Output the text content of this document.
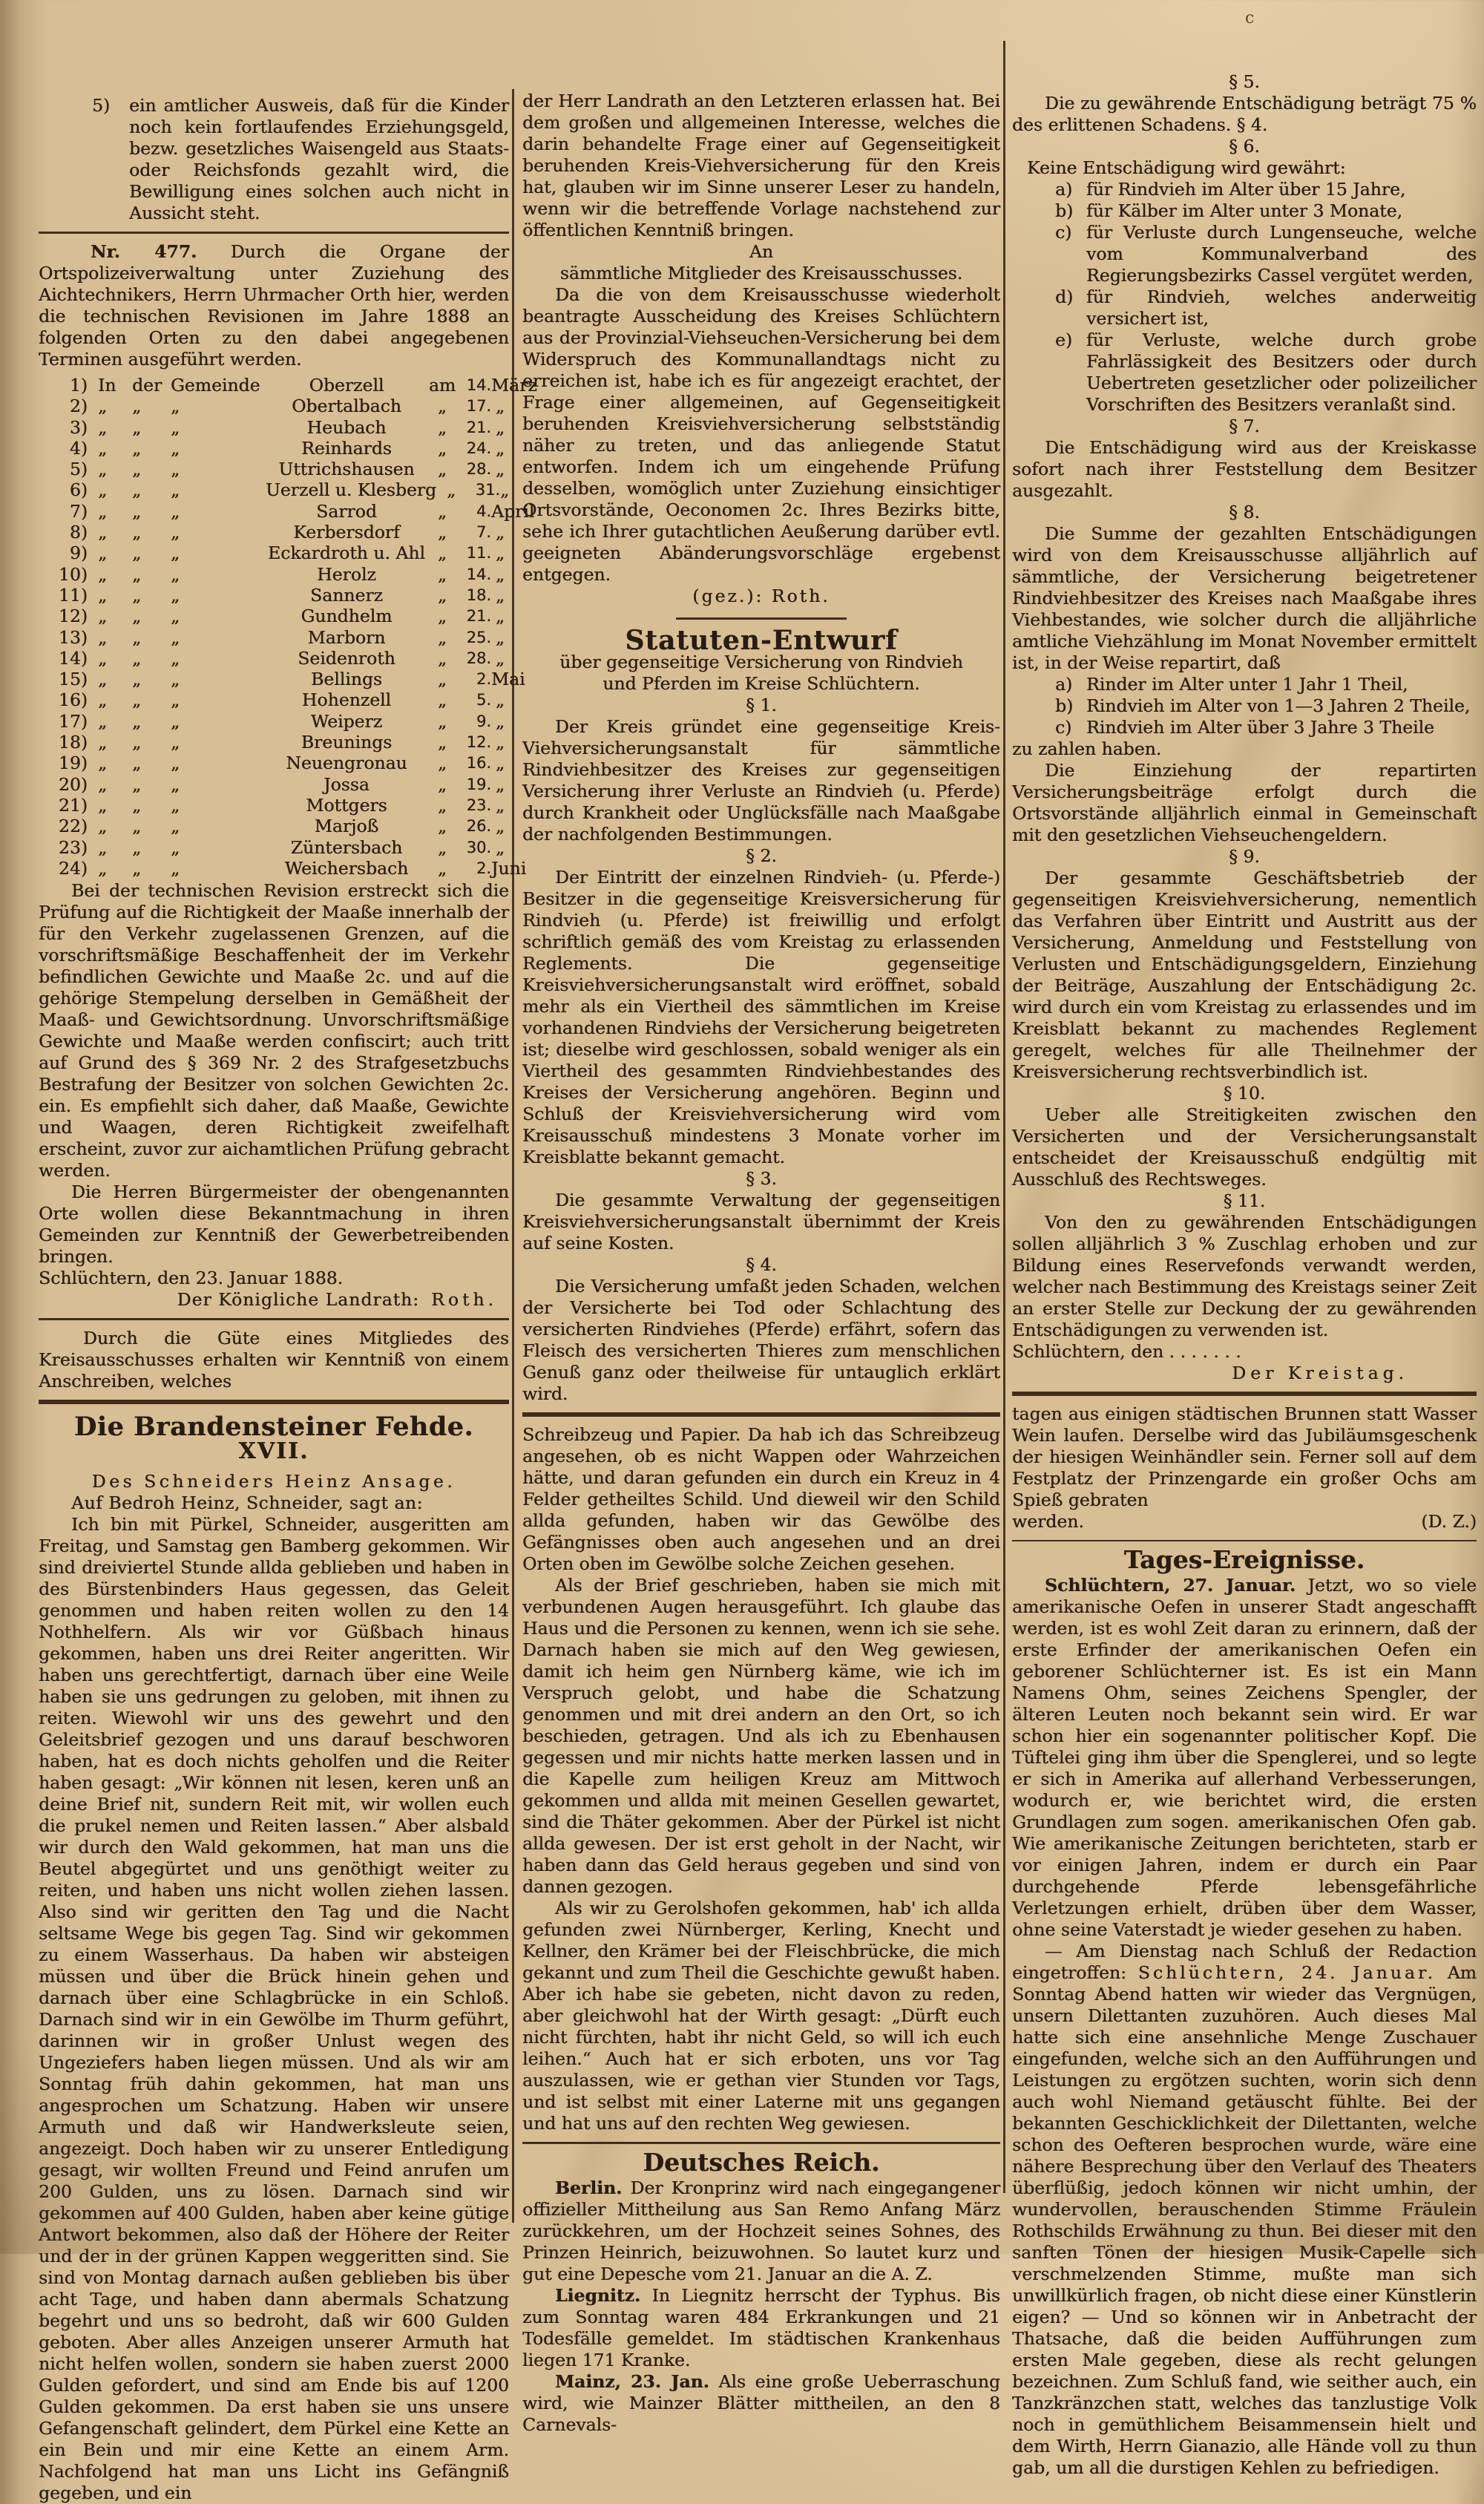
c
5)	ein amtlicher Ausweis, daß für die Kinder noch kein fortlaufendes Erziehungsgeld, bezw. gesetzliches Waisengeld aus Staats- oder Reichsfonds gezahlt wird, die Bewilligung eines solchen auch nicht in Aussicht steht.

Nr. 477. Durch die Organe der Ortspolizeiverwaltung unter Zuziehung des Aichtechnikers, Herrn Uhrmacher Orth hier, werden die technischen Revisionen im Jahre 1888 an folgenden Orten zu den dabei angegebenen Terminen ausgeführt werden.

1) In der Gemeinde	Oberzell	am 14. März
2) „	„	„	Obertalbach	„	17. „
3) „	„	„	Heubach	„	21. „
4) „	„	„	Reinhards	„	24. „
5) „	„	„	Uttrichshausen	„	28. „
6) „	„	„	Uerzell u. Klesberg „	31. „
7) „	„	„	Sarrod	„	4. April
8) „	„	„	Kerbersdorf	„	7. „
9) „	„	„	Eckardroth u. Ahl „	11. „
10) „	„	„	Herolz	„	14. „
11) „	„	„	Sannerz	„	18. „
12) „	„	„	Gundhelm	„	21. „
13) „	„	„	Marborn	„	25. „
14) „	„	„	Seidenroth	„	28. „
15) „	„	„	Bellings	„	2. Mai
16) „	„	„	Hohenzell	„	5. „
17) „	„	„	Weiperz	„	9. „
18) „	„	„	Breunings	„	12. „
19) „	„	„	Neuengronau	„	16. „
20) „	„	„	Jossa	„	19. „
21) „	„	„	Mottgers	„	23. „
22) „	„	„	Marjoß	„	26. „
23) „	„	„	Züntersbach	„	30. „
24) „	„	„	Weichersbach	„	2. Juni

Bei der technischen Revision erstreckt sich die Prüfung auf die Richtigkeit der Maaße innerhalb der für den Verkehr zugelassenen Grenzen, auf die vorschriftsmäßige Beschaffenheit der im Verkehr befindlichen Gewichte und Maaße 2c. und auf die gehörige Stempelung derselben in Gemäßheit der Maaß- und Gewichtsordnung. Unvorschriftsmäßige Gewichte und Maaße werden confiscirt; auch tritt auf Grund des § 369 Nr. 2 des Strafgesetzbuchs Bestrafung der Besitzer von solchen Gewichten 2c. ein. Es empfiehlt sich daher, daß Maaße, Gewichte und Waagen, deren Richtigkeit zweifelhaft erscheint, zuvor zur aichamtlichen Prüfung gebracht werden.

Die Herren Bürgermeister der obengenannten Orte wollen diese Bekanntmachung in ihren Gemeinden zur Kenntniß der Gewerbetreibenden bringen.

Schlüchtern, den 23. Januar 1888.

Der Königliche Landrath: Roth.

Durch die Güte eines Mitgliedes des Kreisausschusses erhalten wir Kenntniß von einem Anschreiben, welches

Die Brandensteiner Fehde.
XVII.
Des Schneiders Heinz Ansage.

Auf Bedroh Heinz, Schneider, sagt an:

Ich bin mit Pürkel, Schneider, ausgeritten am Freitag, und Samstag gen Bamberg gekommen. Wir sind dreiviertel Stunde allda geblieben und haben in des Bürstenbinders Haus gegessen, das Geleit genommen und haben reiten wollen zu den 14 Nothhelfern. Als wir vor Güßbach hinaus gekommen, haben uns drei Reiter angeritten. Wir haben uns gerechtfertigt, darnach über eine Weile haben sie uns gedrungen zu geloben, mit ihnen zu reiten. Wiewohl wir uns des gewehrt und den Geleitsbrief gezogen und uns darauf beschworen haben, hat es doch nichts geholfen und die Reiter haben gesagt: „Wir können nit lesen, keren unß an deine Brief nit, sundern Reit mit, wir wollen euch die prukel nemen und Reiten lassen.“ Aber alsbald wir durch den Wald gekommen, hat man uns die Beutel abgegürtet und uns genöthigt weiter zu reiten, und haben uns nicht wollen ziehen lassen. Also sind wir geritten den Tag und die Nacht seltsame Wege bis gegen Tag. Sind wir gekommen zu einem Wasserhaus. Da haben wir absteigen müssen und über die Brück hinein gehen und darnach über eine Schlagbrücke in ein Schloß. Darnach sind wir in ein Gewölbe im Thurm geführt, darinnen wir in großer Unlust wegen des Ungeziefers haben liegen müssen. Und als wir am Sonntag früh dahin gekommen, hat man uns angesprochen um Schatzung. Haben wir unsere Armuth und daß wir Handwerksleute seien, angezeigt. Doch haben wir zu unserer Entledigung gesagt, wir wollten Freund und Feind anrufen um 200 Gulden, uns zu lösen. Darnach sind wir gekommen auf 400 Gulden, haben aber keine gütige Antwort bekommen, also daß der Höhere der Reiter und der in der grünen Kappen weggeritten sind. Sie sind von Montag darnach außen geblieben bis über acht Tage, und haben dann abermals Schatzung begehrt und uns so bedroht, daß wir 600 Gulden geboten. Aber alles Anzeigen unserer Armuth hat nicht helfen wollen, sondern sie haben zuerst 2000 Gulden gefordert, und sind am Ende bis auf 1200 Gulden gekommen. Da erst haben sie uns unsere Gefangenschaft gelindert, dem Pürkel eine Kette an ein Bein und mir eine Kette an einem Arm. Nachfolgend hat man uns Licht ins Gefängniß gegeben, und ein

der Herr Landrath an den Letzteren erlassen hat. Bei dem großen und allgemeinen Interesse, welches die darin behandelte Frage einer auf Gegenseitigkeit beruhenden Kreis-Viehversicherung für den Kreis hat, glauben wir im Sinne unserer Leser zu handeln, wenn wir die betreffende Vorlage nachstehend zur öffentlichen Kenntniß bringen.

An

sämmtliche Mitglieder des Kreisausschusses.

Da die von dem Kreisausschusse wiederholt beantragte Ausscheidung des Kreises Schlüchtern aus der Provinzial-Viehseuchen-Versicherung bei dem Widerspruch des Kommunallandtags nicht zu erreichen ist, habe ich es für angezeigt erachtet, der Frage einer allgemeinen, auf Gegenseitigkeit beruhenden Kreisviehversicherung selbstständig näher zu treten, und das anliegende Statut entworfen. Indem ich um eingehende Prüfung desselben, womöglich unter Zuziehung einsichtiger Ortsvorstände, Oeconomen 2c. Ihres Bezirks bitte, sehe ich Ihrer gutachtlichen Aeußerung darüber evtl. geeigneten Abänderungsvorschläge ergebenst entgegen.

(gez.): Roth.

Statuten-Entwurf

über gegenseitige Versicherung von Rindvieh und Pferden im Kreise Schlüchtern.

§ 1.

Der Kreis gründet eine gegenseitige Kreis-Viehversicherungsanstalt für sämmtliche Rindviehbesitzer des Kreises zur gegenseitigen Versicherung ihrer Verluste an Rindvieh (u. Pferde) durch Krankheit oder Unglücksfälle nach Maaßgabe der nachfolgenden Bestimmungen.

§ 2.

Der Eintritt der einzelnen Rindvieh- (u. Pferde-) Besitzer in die gegenseitige Kreisversicherung für Rindvieh (u. Pferde) ist freiwillig und erfolgt schriftlich gemäß des vom Kreistag zu erlassenden Reglements. Die gegenseitige Kreisviehversicherungsanstalt wird eröffnet, sobald mehr als ein Viertheil des sämmtlichen im Kreise vorhandenen Rindviehs der Versicherung beigetreten ist; dieselbe wird geschlossen, sobald weniger als ein Viertheil des gesammten Rindviehbestandes des Kreises der Versicherung angehören. Beginn und Schluß der Kreisviehversicherung wird vom Kreisausschuß mindestens 3 Monate vorher im Kreisblatte bekannt gemacht.

§ 3.

Die gesammte Verwaltung der gegenseitigen Kreisviehversicherungsanstalt übernimmt der Kreis auf seine Kosten.

§ 4.

Die Versicherung umfaßt jeden Schaden, welchen der Versicherte bei Tod oder Schlachtung des versicherten Rindviehes (Pferde) erfährt, sofern das Fleisch des versicherten Thieres zum menschlichen Genuß ganz oder theilweise für untauglich erklärt wird.

Schreibzeug und Papier. Da hab ich das Schreibzeug angesehen, ob es nicht Wappen oder Wahrzeichen hätte, und daran gefunden ein durch ein Kreuz in 4 Felder getheiltes Schild. Und dieweil wir den Schild allda gefunden, haben wir das Gewölbe des Gefängnisses oben auch angesehen und an drei Orten oben im Gewölbe solche Zeichen gesehen.

Als der Brief geschrieben, haben sie mich mit verbundenen Augen herausgeführt. Ich glaube das Haus und die Personen zu kennen, wenn ich sie sehe. Darnach haben sie mich auf den Weg gewiesen, damit ich heim gen Nürnberg käme, wie ich im Verspruch gelobt, und habe die Schatzung genommen und mit drei andern an den Ort, so ich beschieden, getragen. Und als ich zu Ebenhausen gegessen und mir nichts hatte merken lassen und in die Kapelle zum heiligen Kreuz am Mittwoch gekommen und allda mit meinen Gesellen gewartet, sind die Thäter gekommen. Aber der Pürkel ist nicht allda gewesen. Der ist erst geholt in der Nacht, wir haben dann das Geld heraus gegeben und sind von dannen gezogen.

Als wir zu Gerolshofen gekommen, hab' ich allda gefunden zwei Nürnberger, Kerling, Knecht und Kellner, den Krämer bei der Fleischbrücke, die mich gekannt und zum Theil die Geschichte gewußt haben. Aber ich habe sie gebeten, nicht davon zu reden, aber gleichwohl hat der Wirth gesagt: „Dürft euch nicht fürchten, habt ihr nicht Geld, so will ich euch leihen.“ Auch hat er sich erboten, uns vor Tag auszulassen, wie er gethan vier Stunden vor Tags, und ist selbst mit einer Laterne mit uns gegangen und hat uns auf den rechten Weg gewiesen.

Deutsches Reich.

Berlin. Der Kronprinz wird nach eingegangener offizieller Mittheilung aus San Remo Anfang März zurückkehren, um der Hochzeit seines Sohnes, des Prinzen Heinrich, beizuwohnen. So lautet kurz und gut eine Depesche vom 21. Januar an die A. Z.

Liegnitz. In Liegnitz herrscht der Typhus. Bis zum Sonntag waren 484 Erkrankungen und 21 Todesfälle gemeldet. Im städtischen Krankenhaus liegen 171 Kranke.

Mainz, 23. Jan. Als eine große Ueberraschung wird, wie Mainzer Blätter mittheilen, an den 8 Carnevals-

§ 5.

Die zu gewährende Entschädigung beträgt 75 % des erlittenen Schadens. § 4.

§ 6.

Keine Entschädigung wird gewährt:

a) für Rindvieh im Alter über 15 Jahre,
b) für Kälber im Alter unter 3 Monate,
c) für Verluste durch Lungenseuche, welche vom Kommunalverband des Regierungsbezirks Cassel vergütet werden,
d) für Rindvieh, welches anderweitig versichert ist,
e) für Verluste, welche durch grobe Fahrlässigkeit des Besitzers oder durch Uebertreten gesetzlicher oder polizeilicher Vorschriften des Besitzers veranlaßt sind.

§ 7.

Die Entschädigung wird aus der Kreiskasse sofort nach ihrer Feststellung dem Besitzer ausgezahlt.

§ 8.

Die Summe der gezahlten Entschädigungen wird von dem Kreisausschusse alljährlich auf sämmtliche, der Versicherung beigetretener Rindviehbesitzer des Kreises nach Maaßgabe ihres Viehbestandes, wie solcher durch die alljährliche amtliche Viehzählung im Monat November ermittelt ist, in der Weise repartirt, daß

a) Rinder im Alter unter 1 Jahr 1 Theil,
b) Rindvieh im Alter von 1—3 Jahren 2 Theile,
c) Rindvieh im Alter über 3 Jahre 3 Theile

zu zahlen haben.

Die Einziehung der repartirten Versicherungsbeiträge erfolgt durch die Ortsvorstände alljährlich einmal in Gemeinschaft mit den gesetzlichen Viehseuchengeldern.

§ 9.

Der gesammte Geschäftsbetrieb der gegenseitigen Kreisviehversicherung, nementlich das Verfahren über Eintritt und Austritt aus der Versicherung, Anmeldung und Feststellung von Verlusten und Entschädigungsgeldern, Einziehung der Beiträge, Auszahlung der Entschädigung 2c. wird durch ein vom Kreistag zu erlassendes und im Kreisblatt bekannt zu machendes Reglement geregelt, welches für alle Theilnehmer der Kreisversicherung rechtsverbindlich ist.

§ 10.

Ueber alle Streitigkeiten zwischen den Versicherten und der Versicherungsanstalt entscheidet der Kreisausschuß endgültig mit Ausschluß des Rechtsweges.

§ 11.

Von den zu gewährenden Entschädigungen sollen alljährlich 3 % Zuschlag erhoben und zur Bildung eines Reservefonds verwandt werden, welcher nach Bestimmung des Kreistags seiner Zeit an erster Stelle zur Deckung der zu gewährenden Entschädigungen zu verwenden ist.

Schlüchtern, den . . . . . . .

Der Kreistag.

tagen aus einigen städtischen Brunnen statt Wasser Wein laufen. Derselbe wird das Jubiläumsgeschenk der hiesigen Weinhändler sein. Ferner soll auf dem Festplatz der Prinzengarde ein großer Ochs am Spieß gebraten

werden.	(D. Z.)
Tages-Ereignisse.

Schlüchtern, 27. Januar. Jetzt, wo so viele amerikanische Oefen in unserer Stadt angeschafft werden, ist es wohl Zeit daran zu erinnern, daß der erste Erfinder der amerikanischen Oefen ein geborener Schlüchterner ist. Es ist ein Mann Namens Ohm, seines Zeichens Spengler, der älteren Leuten noch bekannt sein wird. Er war schon hier ein sogenannter politischer Kopf. Die Tüftelei ging ihm über die Spenglerei, und so legte er sich in Amerika auf allerhand Verbesserungen, wodurch er, wie berichtet wird, die ersten Grundlagen zum sogen. amerikanischen Ofen gab. Wie amerikanische Zeitungen berichteten, starb er vor einigen Jahren, indem er durch ein Paar durchgehende Pferde lebensgefährliche Verletzungen erhielt, drüben über dem Wasser, ohne seine Vaterstadt je wieder gesehen zu haben.

— Am Dienstag nach Schluß der Redaction eingetroffen: Schlüchtern, 24. Januar. Am Sonntag Abend hatten wir wieder das Vergnügen, unsern Dilettanten zuzuhören. Auch dieses Mal hatte sich eine ansehnliche Menge Zuschauer eingefunden, welche sich an den Aufführungen und Leistungen zu ergötzen suchten, worin sich denn auch wohl Niemand getäuscht fühlte. Bei der bekannten Geschicklichkeit der Dilettanten, welche schon des Oefteren besprochen wurde, wäre eine nähere Besprechung über den Verlauf des Theaters überflüßig, jedoch können wir nicht umhin, der wundervollen, berauschenden Stimme Fräulein Rothschilds Erwähnung zu thun. Bei dieser mit den sanften Tönen der hiesigen Musik-Capelle sich verschmelzenden Stimme, mußte man sich unwillkürlich fragen, ob nicht diese einer Künstlerin eigen? — Und so können wir in Anbetracht der Thatsache, daß die beiden Aufführungen zum ersten Male gegeben, diese als recht gelungen bezeichnen. Zum Schluß fand, wie seither auch, ein Tanzkränzchen statt, welches das tanzlustige Volk noch in gemüthlichem Beisammensein hielt und dem Wirth, Herrn Gianazio, alle Hände voll zu thun gab, um all die durstigen Kehlen zu befriedigen.
